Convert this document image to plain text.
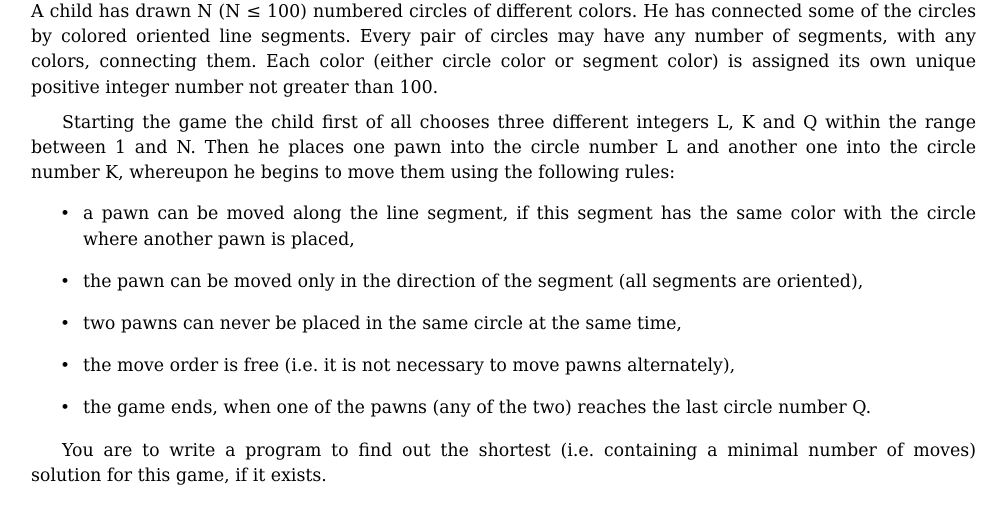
A child has drawn N (N ≤ 100) numbered circles of different colors. He has connected some of the circles by colored oriented line segments. Every pair of circles may have any number of segments, with any colors, connecting them. Each color (either circle color or segment color) is assigned its own unique positive integer number not greater than 100.

Starting the game the child first of all chooses three different integers L, K and Q within the range between 1 and N. Then he places one pawn into the circle number L and another one into the circle number K, whereupon he begins to move them using the following rules:

• a pawn can be moved along the line segment, if this segment has the same color with the circle where another pawn is placed,
• the pawn can be moved only in the direction of the segment (all segments are oriented),
• two pawns can never be placed in the same circle at the same time,
• the move order is free (i.e. it is not necessary to move pawns alternately),
• the game ends, when one of the pawns (any of the two) reaches the last circle number Q.

You are to write a program to find out the shortest (i.e. containing a minimal number of moves) solution for this game, if it exists.
